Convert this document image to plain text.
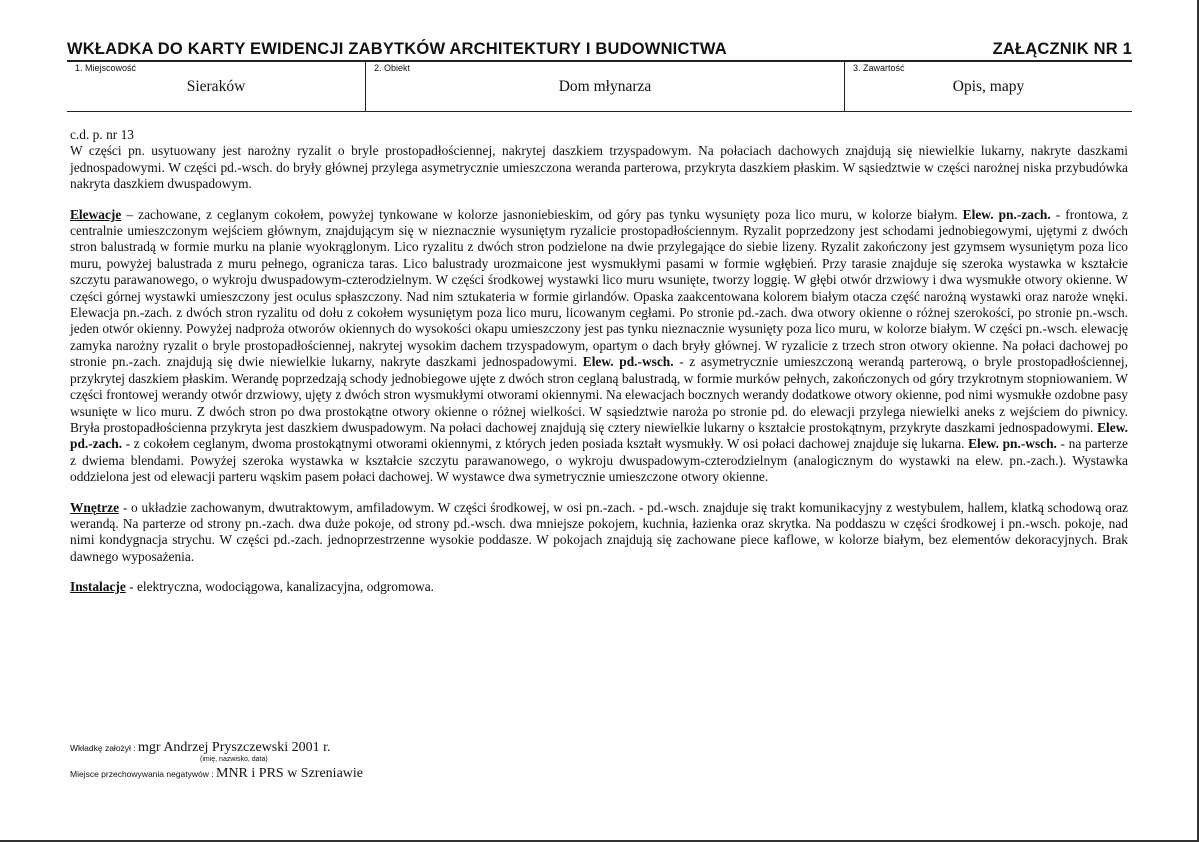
WKŁADKA DO KARTY EWIDENCJI ZABYTKÓW ARCHITEKTURY I BUDOWNICTWA	ZAŁĄCZNIK NR 1
1. Miejscowość
Sieraków
2. Obiekt
Dom młynarza
3. Zawartość
Opis, mapy

c.d. p. nr 13

W części pn. usytuowany jest narożny ryzalit o bryle prostopadłościennej, nakrytej daszkiem trzyspadowym. Na połaciach dachowych znajdują się niewielkie lukarny, nakryte daszkami jednospadowymi. W części pd.-wsch. do bryły głównej przylega asymetrycznie umieszczona weranda parterowa, przykryta daszkiem płaskim. W sąsiedztwie w części narożnej niska przybudówka nakryta daszkiem dwuspadowym.

Elewacje – zachowane, z ceglanym cokołem, powyżej tynkowane w kolorze jasnoniebieskim, od góry pas tynku wysunięty poza lico muru, w kolorze białym. Elew. pn.-zach. - frontowa, z centralnie umieszczonym wejściem głównym, znajdującym się w nieznacznie wysuniętym ryzalicie prostopadłościennym. Ryzalit poprzedzony jest schodami jednobiegowymi, ujętymi z dwóch stron balustradą w formie murku na planie wyokrąglonym. Lico ryzalitu z dwóch stron podzielone na dwie przylegające do siebie lizeny. Ryzalit zakończony jest gzymsem wysuniętym poza lico muru, powyżej balustrada z muru pełnego, ogranicza taras. Lico balustrady urozmaicone jest wysmukłymi pasami w formie wgłębień. Przy tarasie znajduje się szeroka wystawka w kształcie szczytu parawanowego, o wykroju dwuspadowym-czterodzielnym. W części środkowej wystawki lico muru wsunięte, tworzy loggię. W głębi otwór drzwiowy i dwa wysmukłe otwory okienne. W części górnej wystawki umieszczony jest oculus spłaszczony. Nad nim sztukateria w formie girlandów. Opaska zaakcentowana kolorem białym otacza część narożną wystawki oraz naroże wnęki. Elewacja pn.-zach. z dwóch stron ryzalitu od dołu z cokołem wysuniętym poza lico muru, licowanym cegłami. Po stronie pd.-zach. dwa otwory okienne o różnej szerokości, po stronie pn.-wsch. jeden otwór okienny. Powyżej nadproża otworów okiennych do wysokości okapu umieszczony jest pas tynku nieznacznie wysunięty poza lico muru, w kolorze białym. W części pn.-wsch. elewację zamyka narożny ryzalit o bryle prostopadłościennej, nakrytej wysokim dachem trzyspadowym, opartym o dach bryły głównej. W ryzalicie z trzech stron otwory okienne. Na połaci dachowej po stronie pn.-zach. znajdują się dwie niewielkie lukarny, nakryte daszkami jednospadowymi. Elew. pd.-wsch. - z asymetrycznie umieszczoną werandą parterową, o bryle prostopadłościennej, przykrytej daszkiem płaskim. Werandę poprzedzają schody jednobiegowe ujęte z dwóch stron ceglaną balustradą, w formie murków pełnych, zakończonych od góry trzykrotnym stopniowaniem. W części frontowej werandy otwór drzwiowy, ujęty z dwóch stron wysmukłymi otworami okiennymi. Na elewacjach bocznych werandy dodatkowe otwory okienne, pod nimi wysmukłe ozdobne pasy wsunięte w lico muru. Z dwóch stron po dwa prostokątne otwory okienne o różnej wielkości. W sąsiedztwie naroża po stronie pd. do elewacji przylega niewielki aneks z wejściem do piwnicy. Bryła prostopadłościenna przykryta jest daszkiem dwuspadowym. Na połaci dachowej znajdują się cztery niewielkie lukarny o kształcie prostokątnym, przykryte daszkami jednospadowymi. Elew. pd.-zach. - z cokołem ceglanym, dwoma prostokątnymi otworami okiennymi, z których jeden posiada kształt wysmukły. W osi połaci dachowej znajduje się lukarna. Elew. pn.-wsch. - na parterze z dwiema blendami. Powyżej szeroka wystawka w kształcie szczytu parawanowego, o wykroju dwuspadowym-czterodzielnym (analogicznym do wystawki na elew. pn.-zach.). Wystawka oddzielona jest od elewacji parteru wąskim pasem połaci dachowej. W wystawce dwa symetrycznie umieszczone otwory okienne.

Wnętrze - o układzie zachowanym, dwutraktowym, amfiladowym. W części środkowej, w osi pn.-zach. - pd.-wsch. znajduje się trakt komunikacyjny z westybulem, hallem, klatką schodową oraz werandą. Na parterze od strony pn.-zach. dwa duże pokoje, od strony pd.-wsch. dwa mniejsze pokojem, kuchnia, łazienka oraz skrytka. Na poddaszu w części środkowej i pn.-wsch. pokoje, nad nimi kondygnacja strychu. W części pd.-zach. jednoprzestrzenne wysokie poddasze. W pokojach znajdują się zachowane piece kaflowe, w kolorze białym, bez elementów dekoracyjnych. Brak dawnego wyposażenia.

Instalacje - elektryczna, wodociągowa, kanalizacyjna, odgromowa.

Wkładkę założył : mgr Andrzej Pryszczewski 2001 r.
(imię, nazwisko, data)
Miejsce przechowywania negatywów : MNR i PRS w Szreniawie
